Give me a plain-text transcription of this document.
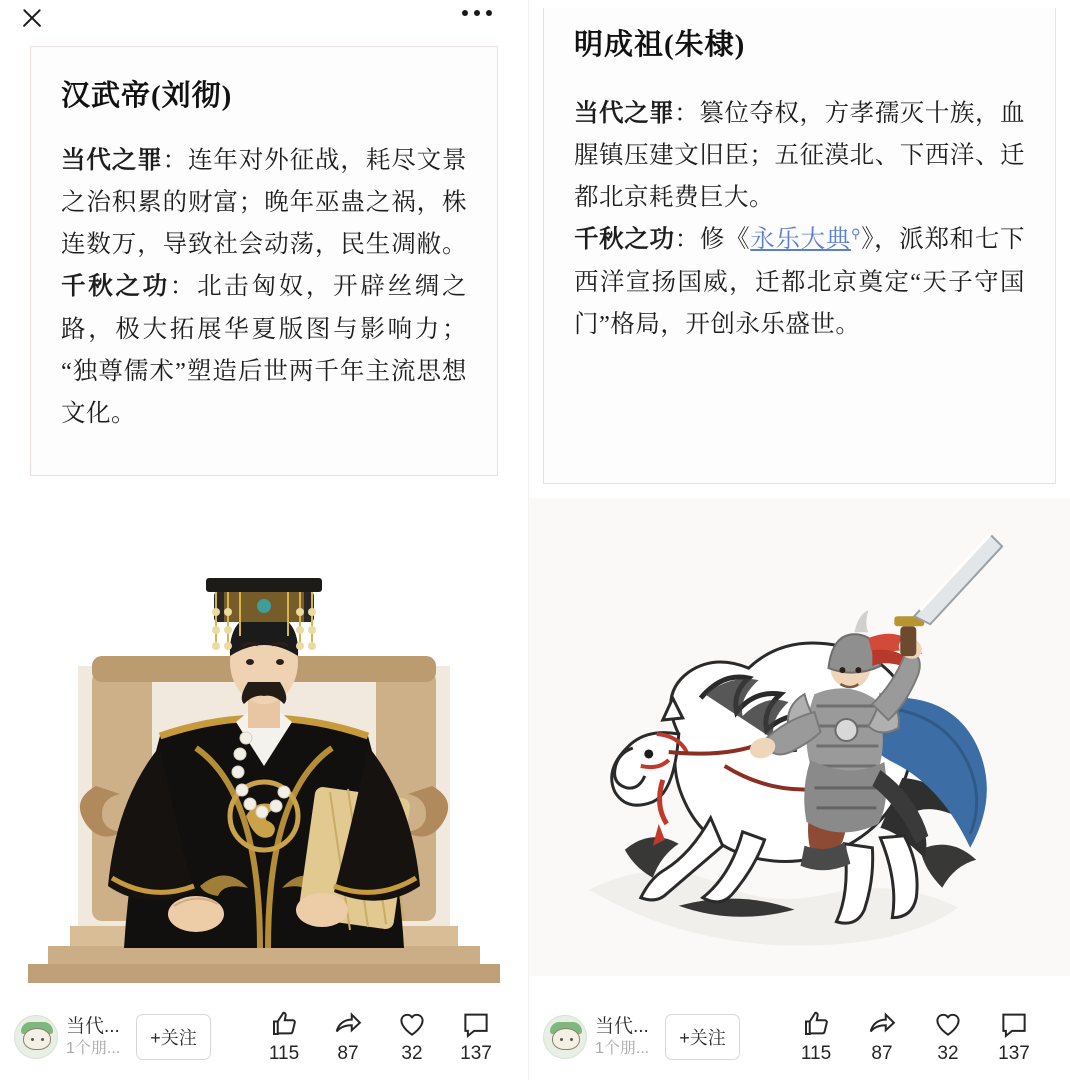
汉武帝(刘彻)
当代之罪：连年对外征战，耗尽文景之治积累的财富；晚年巫蛊之祸，株连数万，导致社会动荡，民生凋敝。 千秋之功：北击匈奴，开辟丝绸之路，极大拓展华夏版图与影响力；“独尊儒术”塑造后世两千年主流思想文化。
当代...
1个朋...
+关注
115 87 32 137
明成祖(朱棣)
当代之罪：篡位夺权，方孝孺灭十族，血腥镇压建文旧臣；五征漠北、下西洋、迁都北京耗费巨大。
千秋之功：修《永乐大典⚲》，派郑和七下西洋宣扬国威，迁都北京奠定“天子守国门”格局，开创永乐盛世。
当代...
1个朋...
+关注
115 87 32 137
